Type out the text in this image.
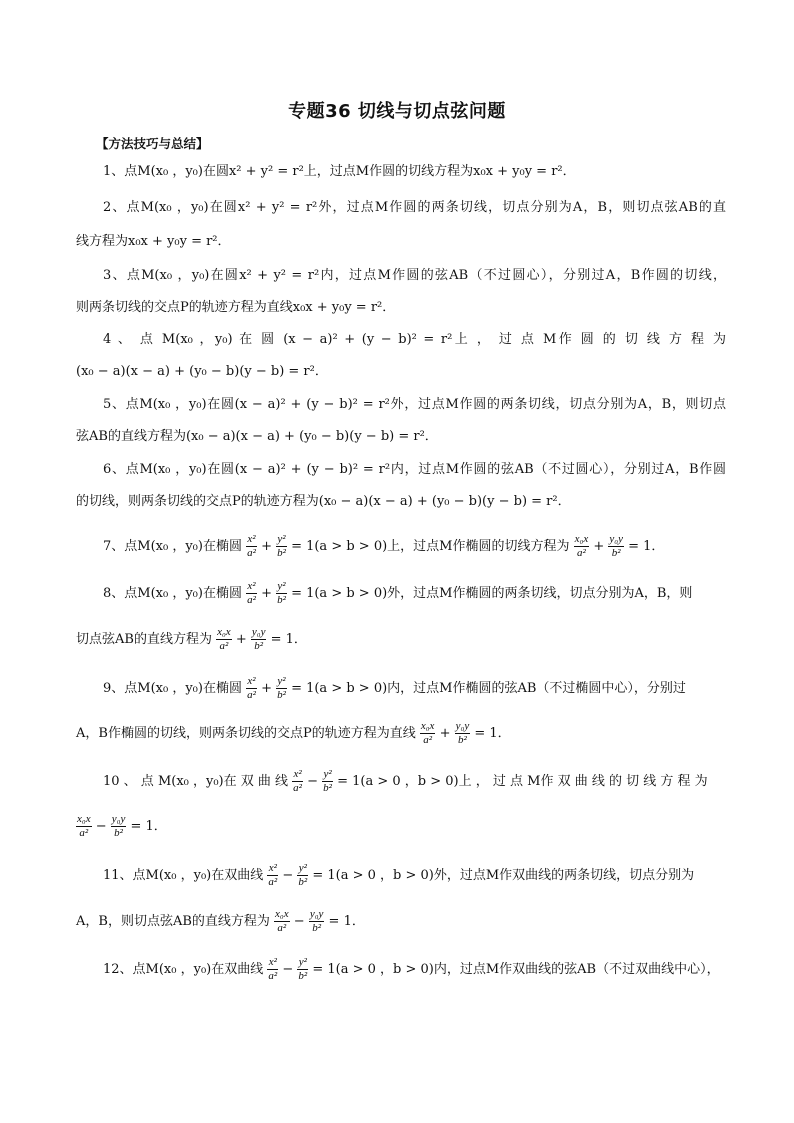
专题36 切线与切点弦问题
【方法技巧与总结】
1、点M(x₀ ，y₀)在圆x² + y² = r²上，过点M作圆的切线方程为x₀x + y₀y = r²．
2、点M(x₀ ，y₀)在圆x² + y² = r²外，过点M作圆的两条切线，切点分别为A，B，则切点弦AB的直
线方程为x₀x + y₀y = r²．
3、点M(x₀ ，y₀)在圆x² + y² = r²内，过点M作圆的弦AB（不过圆心），分别过A，B作圆的切线，
则两条切线的交点P的轨迹方程为直线x₀x + y₀y = r²．
4 、 点 M(x₀ ，y₀) 在 圆 (x − a)² + (y − b)² = r²上 ， 过 点 M作 圆 的 切 线 方 程 为
(x₀ − a)(x − a) + (y₀ − b)(y − b) = r²．
5、点M(x₀ ，y₀)在圆(x − a)² + (y − b)² = r²外，过点M作圆的两条切线，切点分别为A，B，则切点
弦AB的直线方程为(x₀ − a)(x − a) + (y₀ − b)(y − b) = r²．
6、点M(x₀ ，y₀)在圆(x − a)² + (y − b)² = r²内，过点M作圆的弦AB（不过圆心），分别过A，B作圆
的切线，则两条切线的交点P的轨迹方程为(x₀ − a)(x − a) + (y₀ − b)(y − b) = r²．
7、点M(x₀ ，y₀)在椭圆 $\frac{\text{x²}}{\text{a²}} + \frac{\text{y²}}{\text{b²}} = 1(a > b > 0)$上，过点M作椭圆的切线方程为 $\frac{\text{x₀x}}{\text{a²}} + \frac{\text{y₀y}}{\text{b²}} = 1$．
8、点M(x₀ ，y₀)在椭圆 $\frac{\text{x²}}{\text{a²}} + \frac{\text{y²}}{\text{b²}} = 1(a > b > 0)$外，过点M作椭圆的两条切线，切点分别为A，B，则
切点弦AB的直线方程为 $\frac{\text{x₀x}}{\text{a²}} + \frac{\text{y₀y}}{\text{b²}} = 1$．
9、点M(x₀ ，y₀)在椭圆 $\frac{\text{x²}}{\text{a²}} + \frac{\text{y²}}{\text{b²}} = 1(a > b > 0)$内，过点M作椭圆的弦AB（不过椭圆中心），分别过
A，B作椭圆的切线，则两条切线的交点P的轨迹方程为直线 $\frac{\text{x₀x}}{\text{a²}} + \frac{\text{y₀y}}{\text{b²}} = 1$．
10 、 点 M(x₀ ，y₀)在 双 曲 线 $\frac{\text{x²}}{\text{a²}} - \frac{\text{y²}}{\text{b²}} = 1(a > 0$ ，b > 0)上 ， 过 点 M作 双 曲 线 的 切 线 方 程 为
$\frac{\text{x₀x}}{\text{a²}} - \frac{\text{y₀y}}{\text{b²}} = 1$．
11、点M(x₀ ，y₀)在双曲线 $\frac{\text{x²}}{\text{a²}} - \frac{\text{y²}}{\text{b²}} = 1(a > 0$ ，b > 0)外，过点M作双曲线的两条切线，切点分别为
A，B，则切点弦AB的直线方程为 $\frac{\text{x₀x}}{\text{a²}} - \frac{\text{y₀y}}{\text{b²}} = 1$．
12、点M(x₀ ，y₀)在双曲线 $\frac{\text{x²}}{\text{a²}} - \frac{\text{y²}}{\text{b²}} = 1(a > 0$ ，b > 0)内，过点M作双曲线的弦AB（不过双曲线中心），
